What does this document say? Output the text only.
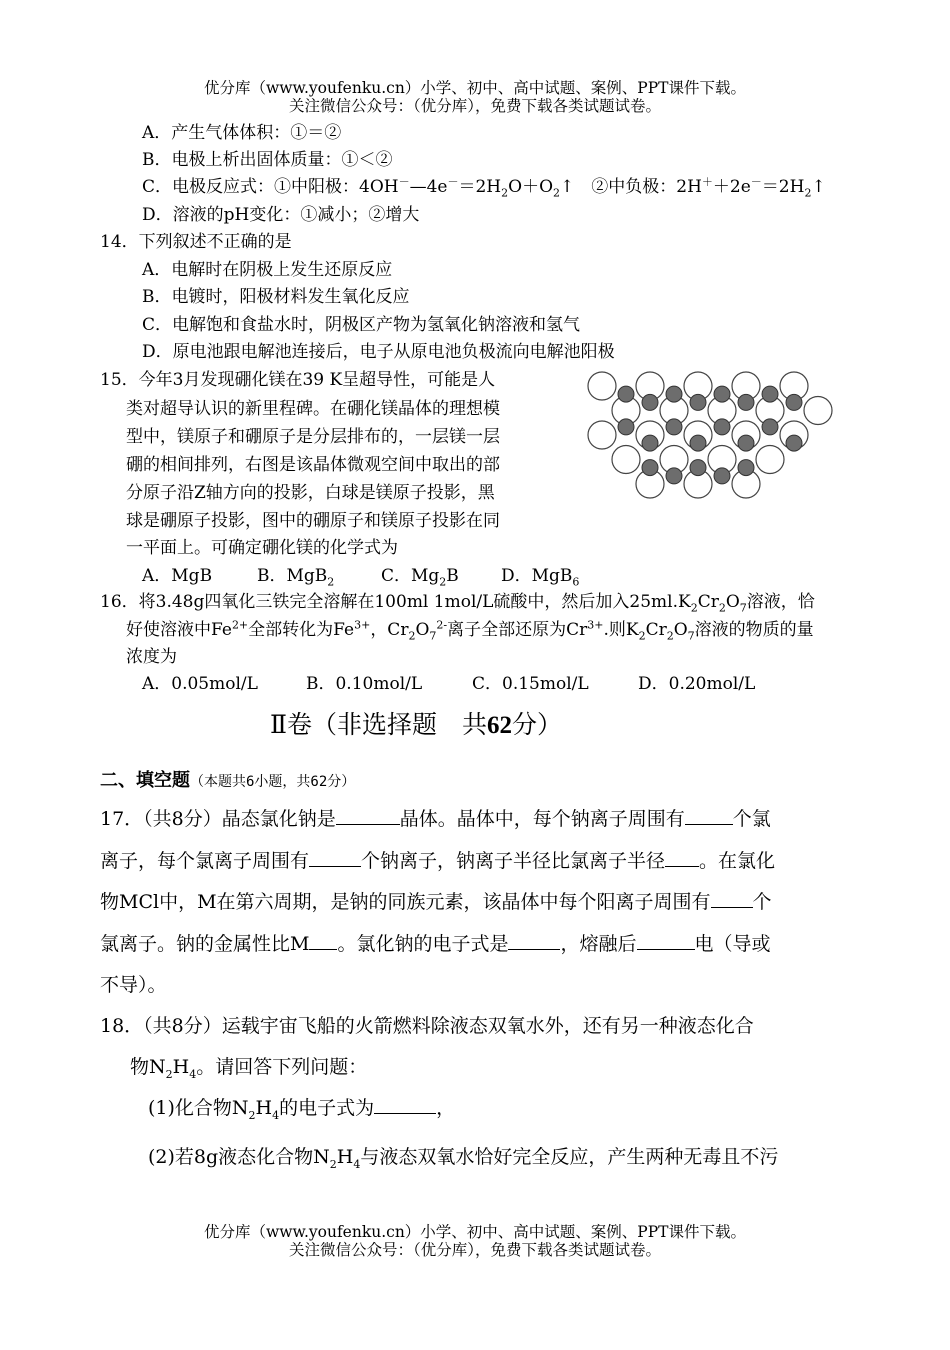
优分库（www.youfenku.cn）小学、初中、高中试题、案例、PPT课件下载。
关注微信公众号：（优分库），免费下载各类试题试卷。
A．产生气体体积：①＝②
B．电极上析出固体质量：①＜②
C．电极反应式：①中阳极：$4OH^-—4e^-=2H_2O+O_2↑$　②中负极：$2H^++2e^-=2H_2↑$
D．溶液的pH变化：①减小；②增大
14．下列叙述不正确的是
A．电解时在阴极上发生还原反应
B．电镀时，阳极材料发生氧化反应
C．电解饱和食盐水时，阴极区产物为氢氧化钠溶液和氢气
D．原电池跟电解池连接后，电子从原电池负极流向电解池阳极
15．今年3月发现硼化镁在39 K呈超导性，可能是人
类对超导认识的新里程碑。在硼化镁晶体的理想模
型中，镁原子和硼原子是分层排布的，一层镁一层
硼的相间排列，右图是该晶体微观空间中取出的部
分原子沿Z轴方向的投影，白球是镁原子投影，黑
球是硼原子投影，图中的硼原子和镁原子投影在同
一平面上。可确定硼化镁的化学式为
A．MgB	B．MgB$_2$	C．$Mg_2B$ D．MgB$_6$
16．将3.48g四氧化三铁完全溶解在100ml 1mol/L硫酸中，然后加入$25ml.K_2Cr_2O_7$溶液，恰
好使溶液中$Fe^{2+}$全部转化为$Fe^{3+}$，$Cr_2O_7^{2-}$离子全部还原为$Cr^{3+}$.则$K_2Cr_2O_7$溶液的物质的量
浓度为
A．0.05mol/L	B．0.10mol/L	C．0.15mol/L	D．0.20mol/L
Ⅱ卷（非选择题　共62分）
二、填空题（本题共6小题，共62分）
17．（共8分）晶态氯化钠是	晶体。晶体中，每个钠离子周围有	个氯
离子，每个氯离子周围有	个钠离子，钠离子半径比氯离子半径 。在氯化
物MCl中，M在第六周期，是钠的同族元素，该晶体中每个阳离子周围有 个
氯离子。钠的金属性比M 。氯化钠的电子式是	，熔融后	电（导或
不导）。
18．（共8分）运载宇宙飞船的火箭燃料除液态双氧水外，还有另一种液态化合
物$N_2H_4$。请回答下列问题：
(1)化合物$N_2H_4$的电子式为	，
(2)若8g液态化合物$N_2H_4$与液态双氧水恰好完全反应，产生两种无毒且不污
优分库（www.youfenku.cn）小学、初中、高中试题、案例、PPT课件下载。
关注微信公众号：（优分库），免费下载各类试题试卷。
